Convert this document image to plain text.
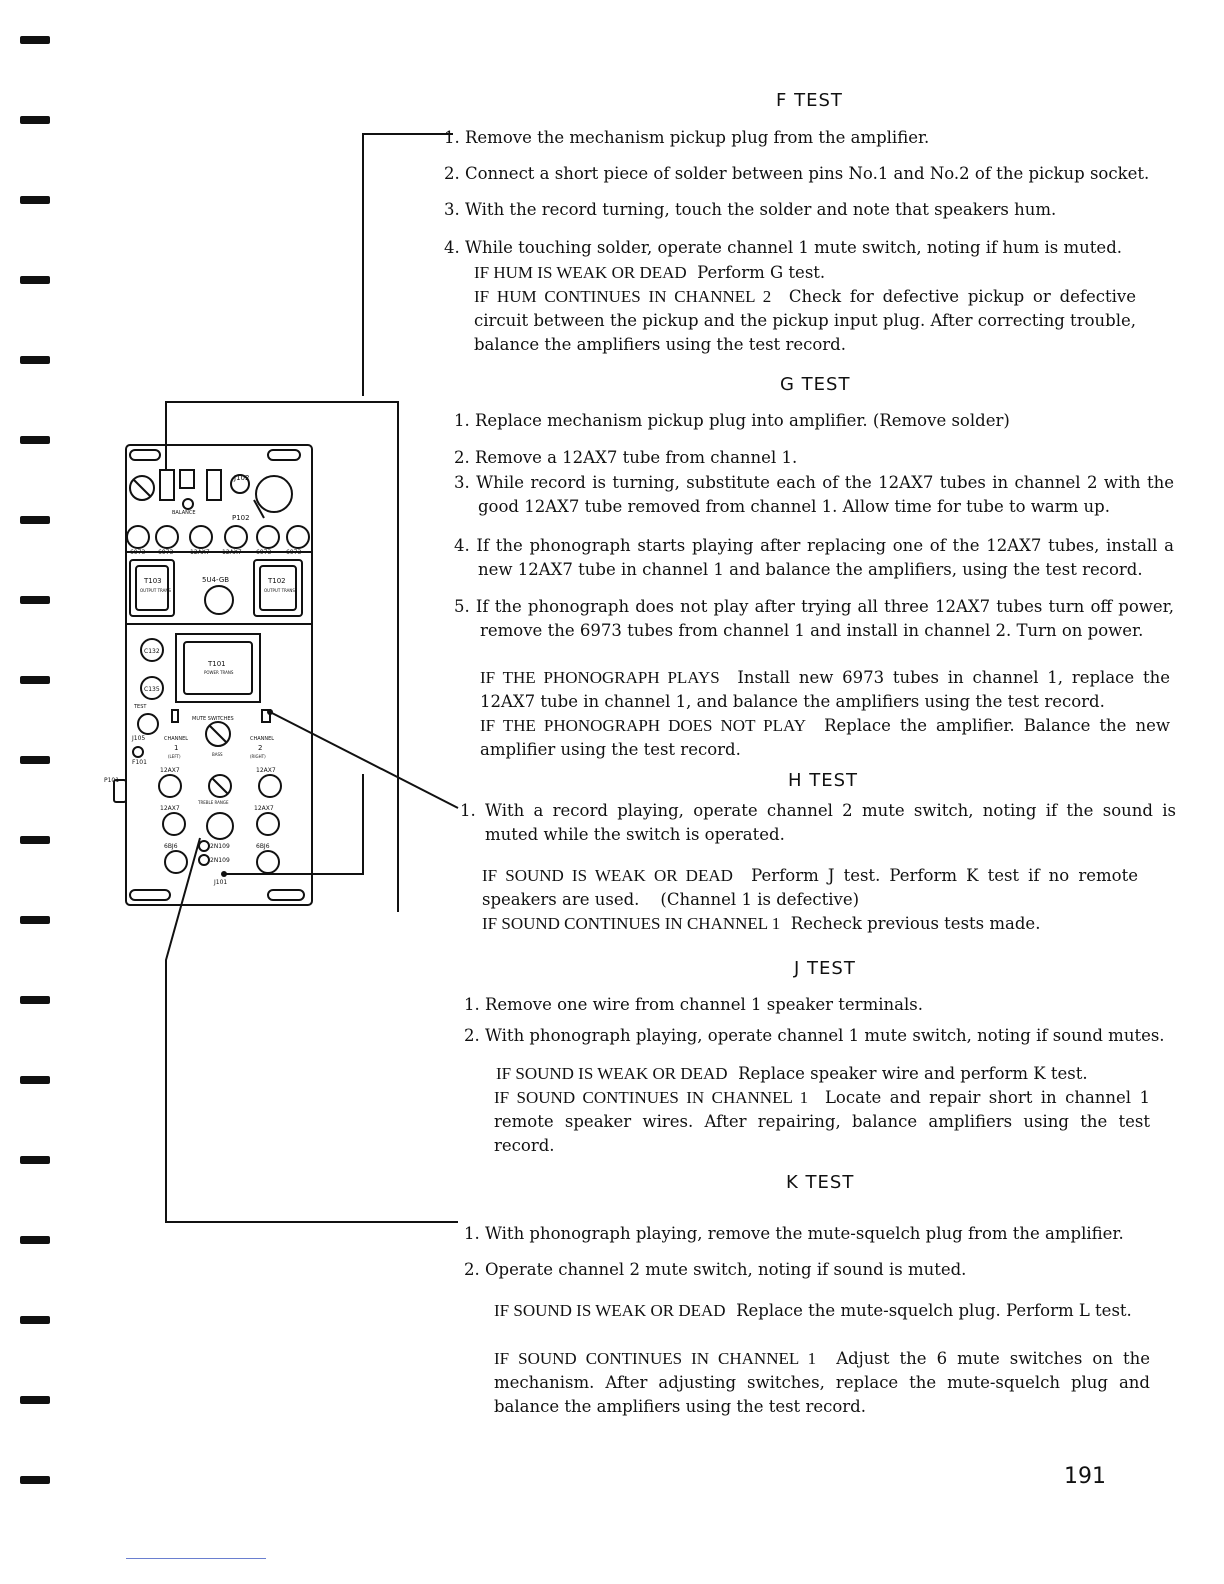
J102
P102
BALANCE
6973 6973	12AX7 12AX7 6973 6973
T103
OUTPUT TRANS
5U4-GB	T102
OUTPUT TRANS
C132
C135
T101
POWER TRANS
TEST
MUTE SWITCHES
J105	CHANNEL	CHANNEL
1
(LEFT)
2
(RIGHT)
BASS
F101
12AX7	12AX7
P101
TREBLE RANGE
12AX7	12AX7
6BJ6	6BJ6
2N109
2N109
J101
F TEST
1. Remove the mechanism pickup plug from the amplifier.
2. Connect a short piece of solder between pins No.1 and No.2 of the pickup socket.
3. With the record turning, touch the solder and note that speakers hum.
4. While touching solder, operate channel 1 mute switch, noting if hum is muted.
IF HUM IS WEAK OR DEAD Perform G test.
IF HUM CONTINUES IN CHANNEL 2 Check for defective pickup or defective circuit between the pickup and the pickup input plug. After correcting trouble, balance the amplifiers using the test record.
G TEST
1. Replace mechanism pickup plug into amplifier. (Remove solder)
2. Remove a 12AX7 tube from channel 1.
3. While record is turning, substitute each of the 12AX7 tubes in channel 2 with the good 12AX7 tube removed from channel 1. Allow time for tube to warm up.
4. If the phonograph starts playing after replacing one of the 12AX7 tubes, install a new 12AX7 tube in channel 1 and balance the amplifiers, using the test record.
5. If the phonograph does not play after trying all three 12AX7 tubes turn off power, remove the 6973 tubes from channel 1 and install in channel 2. Turn on power.
IF THE PHONOGRAPH PLAYS Install new 6973 tubes in channel 1, replace the 12AX7 tube in channel 1, and balance the amplifiers using the test record.
IF THE PHONOGRAPH DOES NOT PLAY Replace the amplifier. Balance the new amplifier using the test record.
H TEST
1. With a record playing, operate channel 2 mute switch, noting if the sound is muted while the switch is operated.
IF SOUND IS WEAK OR DEAD Perform J test. Perform K test if no remote speakers are used. (Channel 1 is defective)
IF SOUND CONTINUES IN CHANNEL 1 Recheck previous tests made.
J TEST
1. Remove one wire from channel 1 speaker terminals.
2. With phonograph playing, operate channel 1 mute switch, noting if sound mutes.
IF SOUND IS WEAK OR DEAD Replace speaker wire and perform K test.
IF SOUND CONTINUES IN CHANNEL 1 Locate and repair short in channel 1 remote speaker wires. After repairing, balance amplifiers using the test record.
K TEST
1. With phonograph playing, remove the mute-squelch plug from the amplifier.
2. Operate channel 2 mute switch, noting if sound is muted.
IF SOUND IS WEAK OR DEAD Replace the mute-squelch plug. Perform L test.
IF SOUND CONTINUES IN CHANNEL 1 Adjust the 6 mute switches on the mechanism. After adjusting switches, replace the mute-squelch plug and balance the amplifiers using the test record.
191
